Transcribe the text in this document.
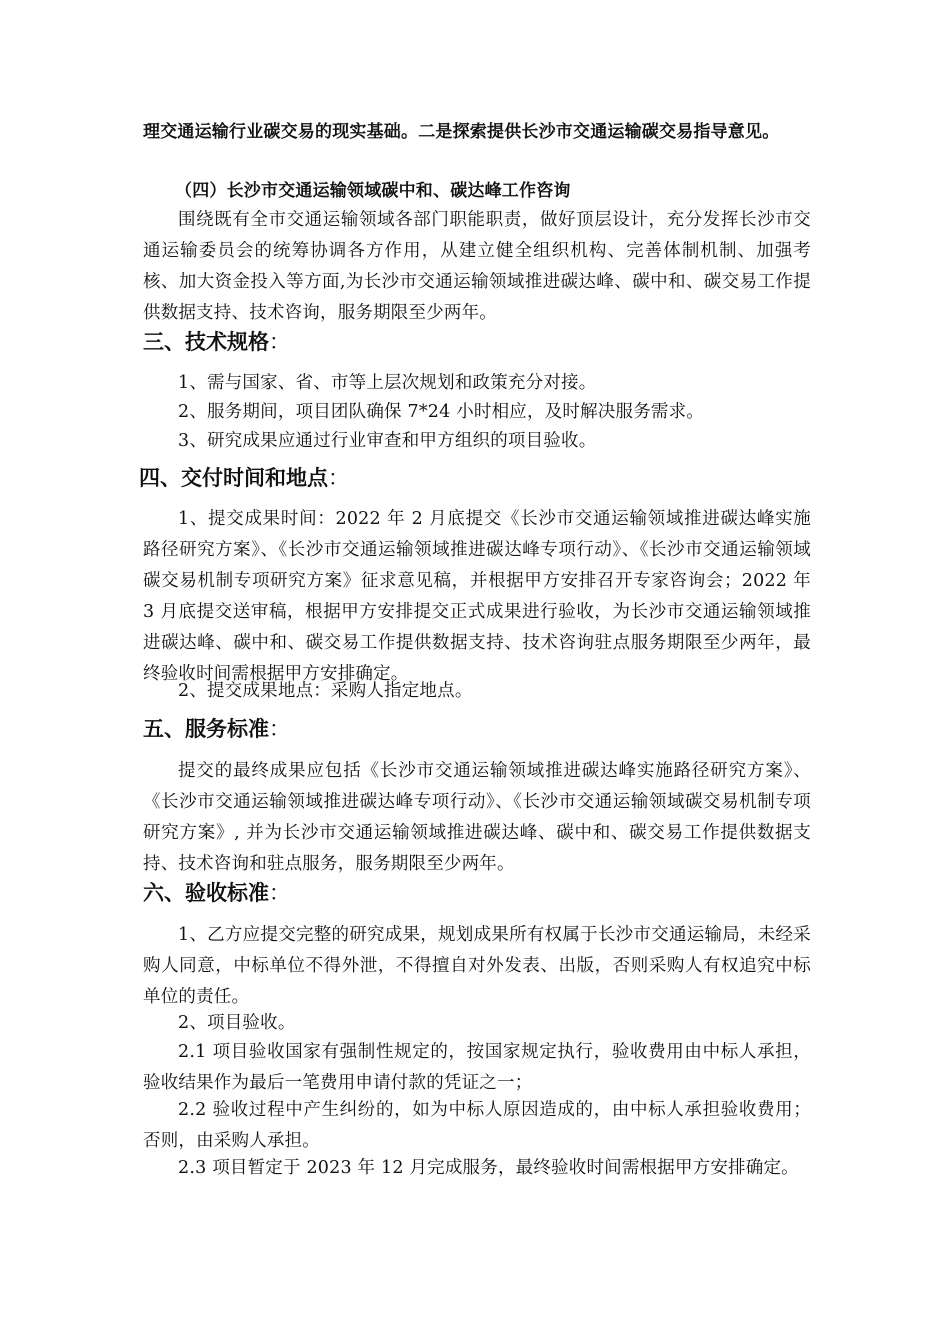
理交通运输行业碳交易的现实基础。二是探索提供长沙市交通运输碳交易指导意见。

（四）长沙市交通运输领域碳中和、碳达峰工作咨询

围绕既有全市交通运输领域各部门职能职责，做好顶层设计，充分发挥长沙市交通运输委员会的统筹协调各方作用，从建立健全组织机构、完善体制机制、加强考核、加大资金投入等方面,为长沙市交通运输领域推进碳达峰、碳中和、碳交易工作提供数据支持、技术咨询，服务期限至少两年。

三、技术规格：

1、需与国家、省、市等上层次规划和政策充分对接。

2、服务期间，项目团队确保 7*24 小时相应，及时解决服务需求。

3、研究成果应通过行业审查和甲方组织的项目验收。

四、交付时间和地点：

1、提交成果时间：2022 年 2 月底提交《长沙市交通运输领域推进碳达峰实施路径研究方案》、《长沙市交通运输领域推进碳达峰专项行动》、《长沙市交通运输领域碳交易机制专项研究方案》征求意见稿，并根据甲方安排召开专家咨询会；2022 年 3 月底提交送审稿，根据甲方安排提交正式成果进行验收，为长沙市交通运输领域推进碳达峰、碳中和、碳交易工作提供数据支持、技术咨询驻点服务期限至少两年，最终验收时间需根据甲方安排确定。

2、提交成果地点：采购人指定地点。

五、服务标准：

提交的最终成果应包括《长沙市交通运输领域推进碳达峰实施路径研究方案》、《长沙市交通运输领域推进碳达峰专项行动》、《长沙市交通运输领域碳交易机制专项研究方案》, 并为长沙市交通运输领域推进碳达峰、碳中和、碳交易工作提供数据支持、技术咨询和驻点服务，服务期限至少两年。

六、验收标准：

1、乙方应提交完整的研究成果，规划成果所有权属于长沙市交通运输局，未经采购人同意，中标单位不得外泄，不得擅自对外发表、出版，否则采购人有权追究中标单位的责任。

2、项目验收。

2.1 项目验收国家有强制性规定的，按国家规定执行，验收费用由中标人承担，验收结果作为最后一笔费用申请付款的凭证之一；

2.2 验收过程中产生纠纷的，如为中标人原因造成的，由中标人承担验收费用；否则，由采购人承担。

2.3 项目暂定于 2023 年 12 月完成服务，最终验收时间需根据甲方安排确定。
